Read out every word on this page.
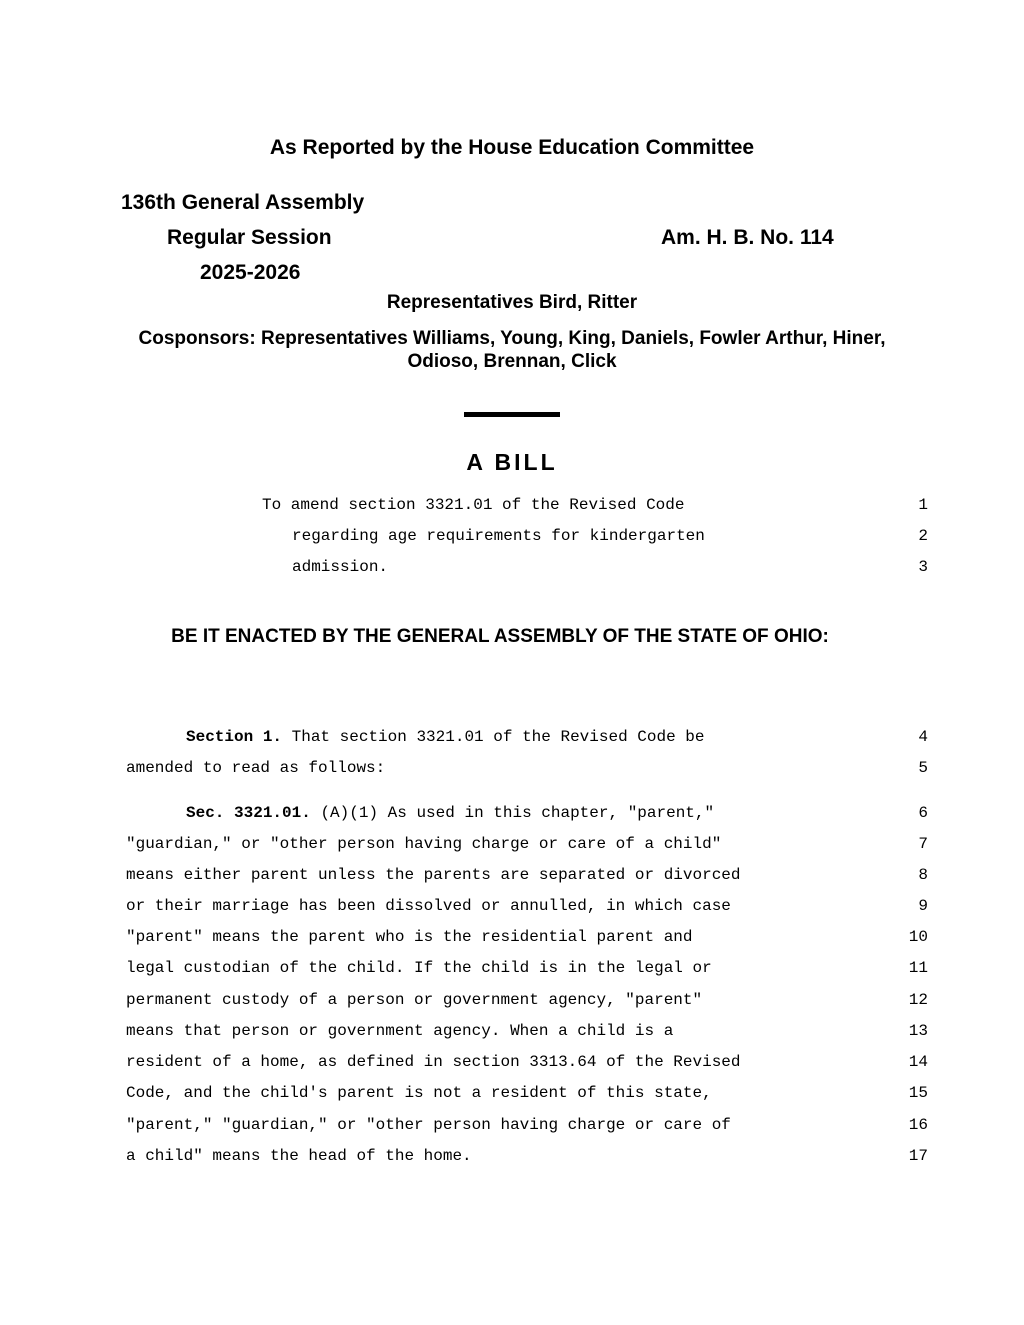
As Reported by the House Education Committee
136th General Assembly
Regular Session	Am. H. B. No. 114
2025-2026
Representatives Bird, Ritter
Cosponsors: Representatives Williams, Young, King, Daniels, Fowler Arthur, Hiner, Odioso, Brennan, Click
A BILL
To amend section 3321.01 of the Revised Code	1
regarding age requirements for kindergarten	2
admission.	3
BE IT ENACTED BY THE GENERAL ASSEMBLY OF THE STATE OF OHIO:
Section 1. That section 3321.01 of the Revised Code be	4
amended to read as follows:	5
Sec. 3321.01. (A)(1) As used in this chapter, "parent,"	6
"guardian," or "other person having charge or care of a child"	7
means either parent unless the parents are separated or divorced	8
or their marriage has been dissolved or annulled, in which case	9
"parent" means the parent who is the residential parent and	10
legal custodian of the child. If the child is in the legal or	11
permanent custody of a person or government agency, "parent"	12
means that person or government agency. When a child is a	13
resident of a home, as defined in section 3313.64 of the Revised	14
Code, and the child's parent is not a resident of this state,	15
"parent," "guardian," or "other person having charge or care of	16
a child" means the head of the home.	17
